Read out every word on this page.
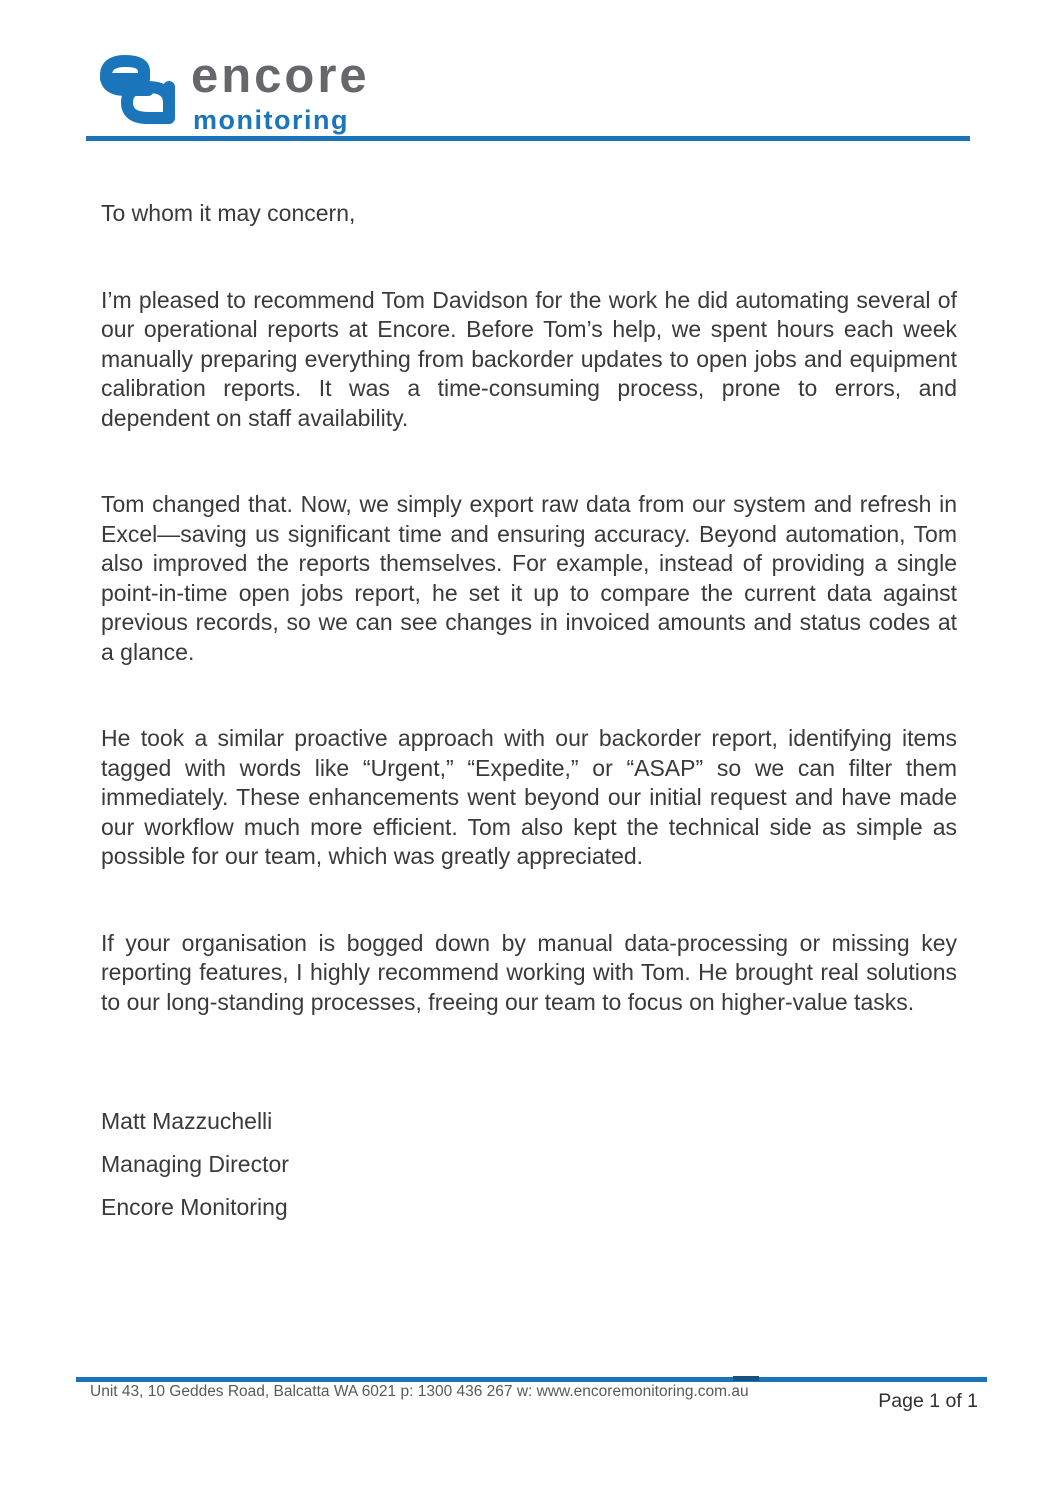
encore
monitoring

To whom it may concern,

I’m pleased to recommend Tom Davidson for the work he did automating several of our operational reports at Encore. Before Tom’s help, we spent hours each week manually preparing everything from backorder updates to open jobs and equipment calibration reports. It was a time-consuming process, prone to errors, and dependent on staff availability.

Tom changed that. Now, we simply export raw data from our system and refresh in Excel—saving us significant time and ensuring accuracy. Beyond automation, Tom also improved the reports themselves. For example, instead of providing a single point-in-time open jobs report, he set it up to compare the current data against previous records, so we can see changes in invoiced amounts and status codes at a glance.

He took a similar proactive approach with our backorder report, identifying items tagged with words like “Urgent,” “Expedite,” or “ASAP” so we can filter them immediately. These enhancements went beyond our initial request and have made our workflow much more efficient. Tom also kept the technical side as simple as possible for our team, which was greatly appreciated.

If your organisation is bogged down by manual data-processing or missing key reporting features, I highly recommend working with Tom. He brought real solutions to our long-standing processes, freeing our team to focus on higher-value tasks.

Matt Mazzuchelli

Managing Director

Encore Monitoring

Unit 43, 10 Geddes Road, Balcatta WA 6021 p: 1300 436 267 w: www.encoremonitoring.com.au	Page 1 of 1
